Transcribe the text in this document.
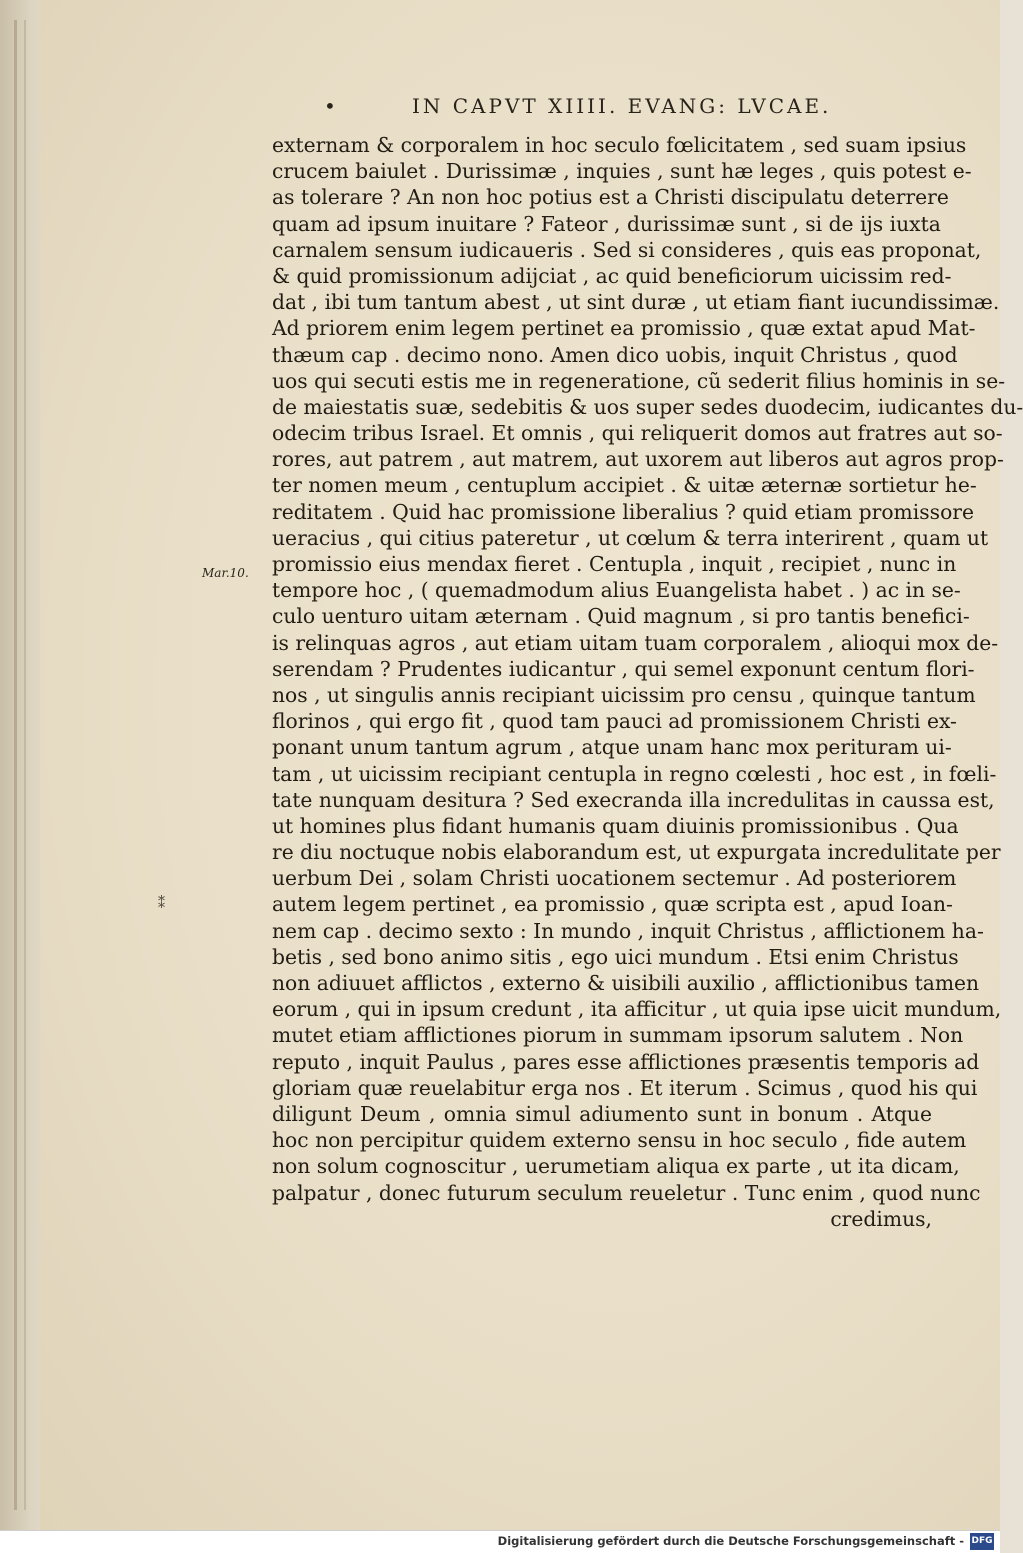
•	IN CAPVT XIIII. EVANG: LVCAE.
Mar.10.
⁑
externam & corporalem in hoc seculo fœlicitatem , sed suam ipsius
crucem baiulet . Durissimæ , inquies , sunt hæ leges , quis potest e-
as tolerare ? An non hoc potius est a Christi discipulatu deterrere
quam ad ipsum inuitare ? Fateor , durissimæ sunt , si de ijs iuxta
carnalem sensum iudicaueris . Sed si consideres , quis eas proponat,
& quid promissionum adijciat , ac quid beneficiorum uicissim red-
dat , ibi tum tantum abest , ut sint duræ , ut etiam fiant iucundissimæ.
Ad priorem enim legem pertinet ea promissio , quæ extat apud Mat-
thæum cap . decimo nono. Amen dico uobis, inquit Christus , quod
uos qui secuti estis me in regeneratione, cũ sederit filius hominis in se-
de maiestatis suæ, sedebitis & uos super sedes duodecim, iudicantes du-
odecim tribus Israel. Et omnis , qui reliquerit domos aut fratres aut so-
rores, aut patrem , aut matrem, aut uxorem aut liberos aut agros prop-
ter nomen meum , centuplum accipiet . & uitæ æternæ sortietur he-
reditatem . Quid hac promissione liberalius ? quid etiam promissore
ueracius , qui citius pateretur , ut cœlum & terra interirent , quam ut
promissio eius mendax fieret . Centupla , inquit , recipiet , nunc in
tempore hoc , ( quemadmodum alius Euangelista habet . ) ac in se-
culo uenturo uitam æternam . Quid magnum , si pro tantis benefici-
is relinquas agros , aut etiam uitam tuam corporalem , alioqui mox de-
serendam ? Prudentes iudicantur , qui semel exponunt centum flori-
nos , ut singulis annis recipiant uicissim pro censu , quinque tantum
florinos , qui ergo fit , quod tam pauci ad promissionem Christi ex-
ponant unum tantum agrum , atque unam hanc mox perituram ui-
tam , ut uicissim recipiant centupla in regno cœlesti , hoc est , in fœli-
tate nunquam desitura ? Sed execranda illa incredulitas in caussa est,
ut homines plus fidant humanis quam diuinis promissionibus . Qua
re diu noctuque nobis elaborandum est, ut expurgata incredulitate per
uerbum Dei , solam Christi uocationem sectemur . Ad posteriorem
autem legem pertinet , ea promissio , quæ scripta est , apud Ioan-
nem cap . decimo sexto : In mundo , inquit Christus , afflictionem ha-
betis , sed bono animo sitis , ego uici mundum . Etsi enim Christus
non adiuuet afflictos , externo & uisibili auxilio , afflictionibus tamen
eorum , qui in ipsum credunt , ita afficitur , ut quia ipse uicit mundum,
mutet etiam afflictiones piorum in summam ipsorum salutem . Non
reputo , inquit Paulus , pares esse afflictiones præsentis temporis ad
gloriam quæ reuelabitur erga nos . Et iterum . Scimus , quod his qui
diligunt Deum , omnia simul adiumento sunt in bonum . Atque
hoc non percipitur quidem externo sensu in hoc seculo , fide autem
non solum cognoscitur , uerumetiam aliqua ex parte , ut ita dicam,
palpatur , donec futurum seculum reueletur . Tunc enim , quod nunc
credimus,
Digitalisierung gefördert durch die Deutsche Forschungsgemeinschaft - DFG
